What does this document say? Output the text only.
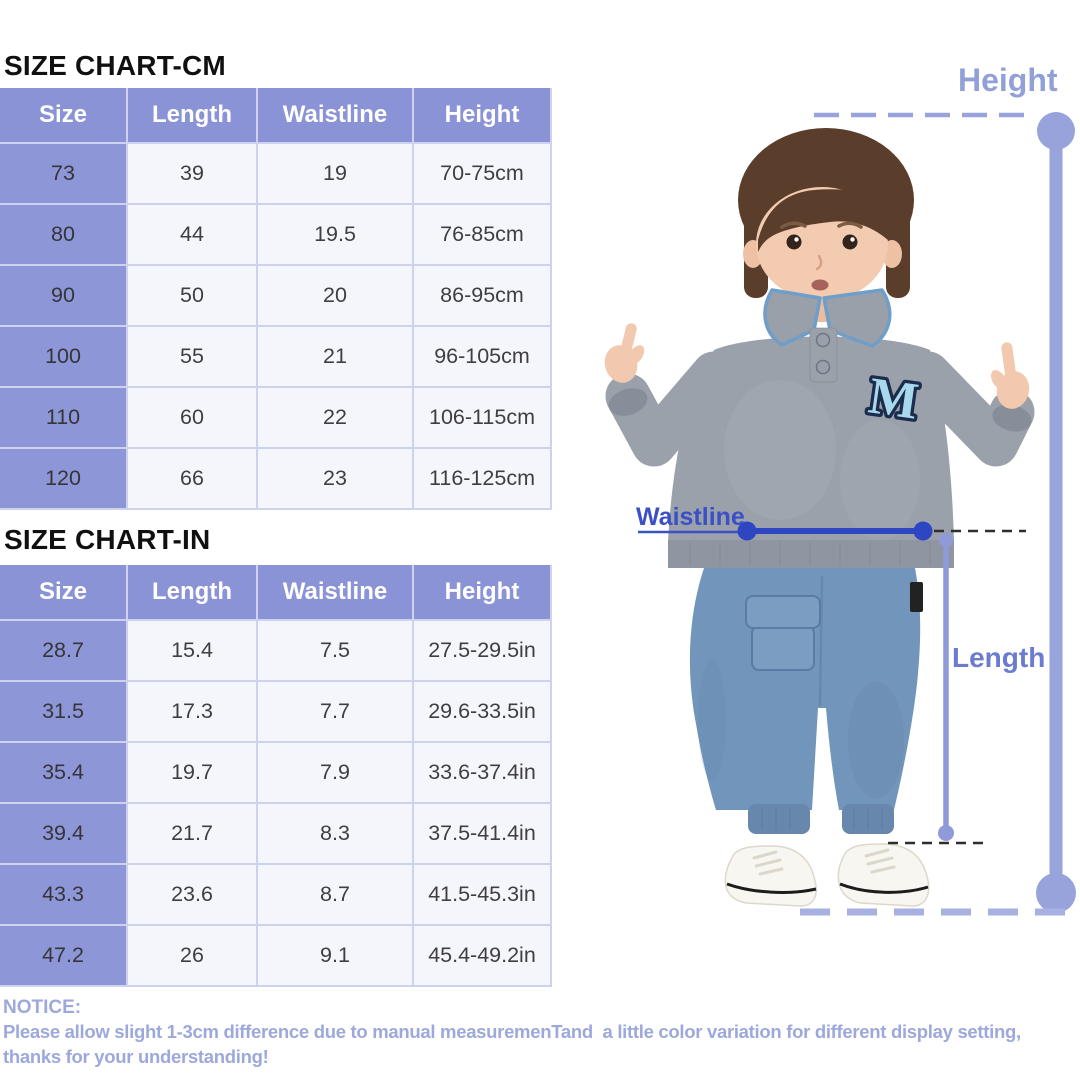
SIZE CHART-CM
Size	Length	Waistline	Height
73	39	19	70-75cm
80	44	19.5	76-85cm
90	50	20	86-95cm
100	55	21	96-105cm
110	60	22	106-115cm
120	66	23	116-125cm
SIZE CHART-IN
Size	Length	Waistline	Height
28.7	15.4	7.5	27.5-29.5in
31.5	17.3	7.7	29.6-33.5in
35.4	19.7	7.9	33.6-37.4in
39.4	21.7	8.3	37.5-41.4in
43.3	23.6	8.7	41.5-45.3in
47.2	26	9.1	45.4-49.2in
M
Height
Waistline
Length
NOTICE:
Please allow slight 1-3cm difference due to manual measuremenTand  a little color variation for different display setting,
thanks for your understanding!
